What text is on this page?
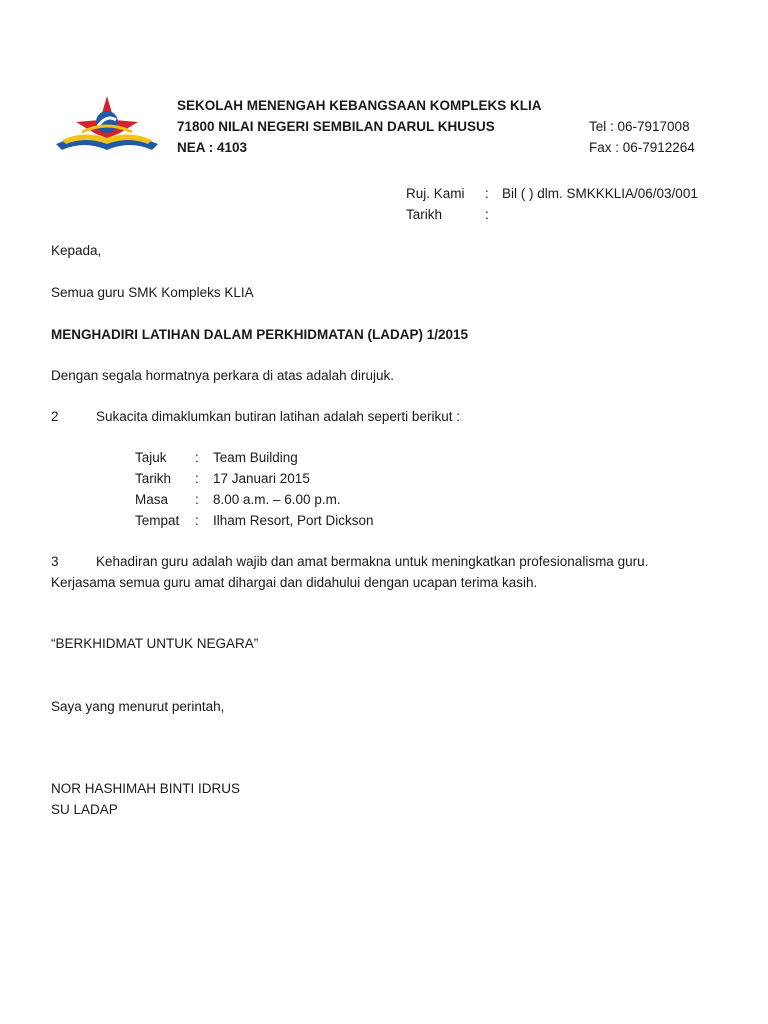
SEKOLAH MENENGAH KEBANGSAAN KOMPLEKS KLIA
71800 NILAI NEGERI SEMBILAN DARUL KHUSUS
NEA : 4103
Tel : 06-7917008
Fax : 06-7912264
Ruj. Kami : Bil ( ) dlm. SMKKKLIA/06/03/001
Tarikh	:
Kepada,
Semua guru SMK Kompleks KLIA
MENGHADIRI LATIHAN DALAM PERKHIDMATAN (LADAP) 1/2015
Dengan segala hormatnya perkara di atas adalah dirujuk.
2	Sukacita dimaklumkan butiran latihan adalah seperti berikut :
Tajuk : Team Building
Tarikh : 17 Januari 2015
Masa : 8.00 a.m. – 6.00 p.m.
Tempat : Ilham Resort, Port Dickson
3	Kehadiran guru adalah wajib dan amat bermakna untuk meningkatkan profesionalisma guru.
Kerjasama semua guru amat dihargai dan didahului dengan ucapan terima kasih.
“BERKHIDMAT UNTUK NEGARA”
Saya yang menurut perintah,
NOR HASHIMAH BINTI IDRUS
SU LADAP
